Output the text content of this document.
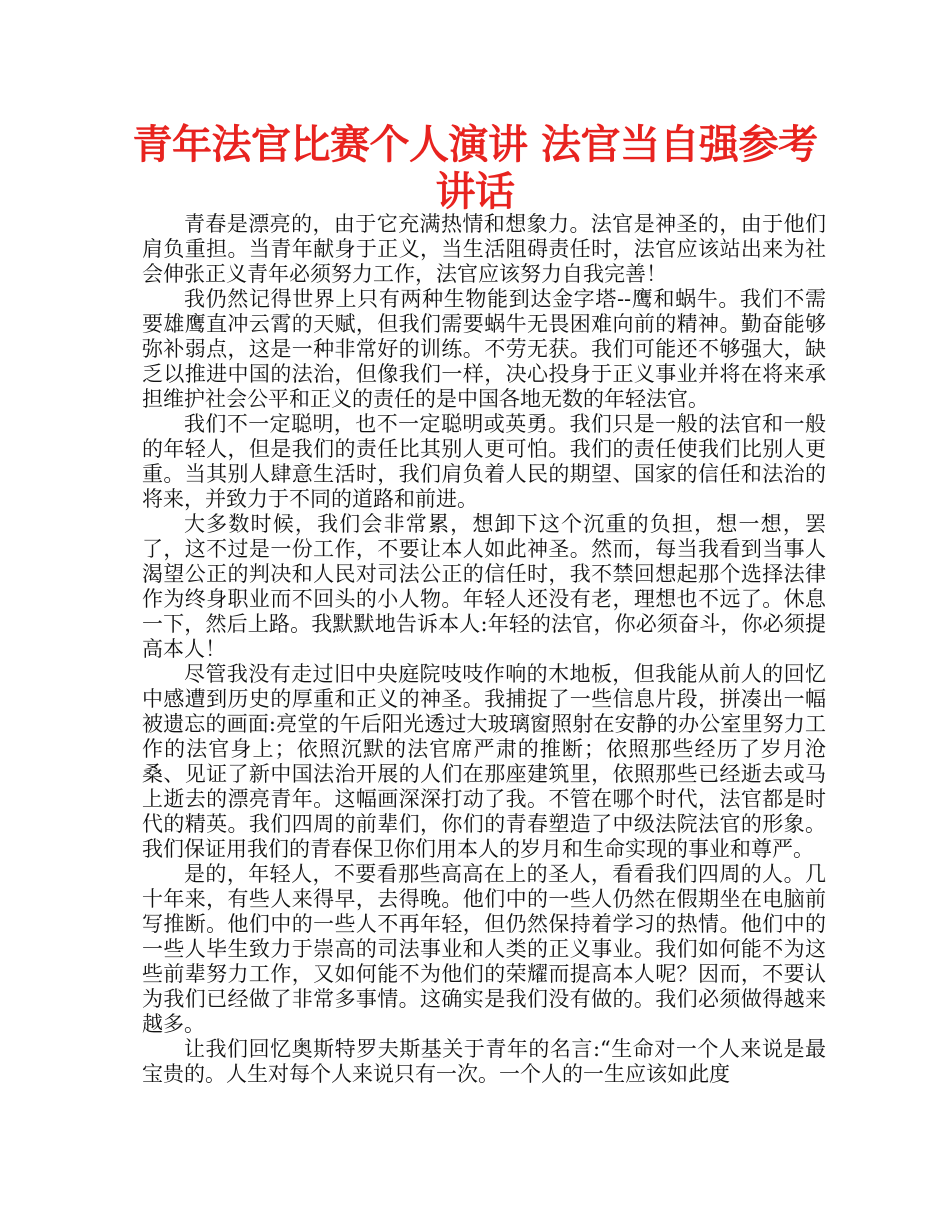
青年法官比赛个人演讲 法官当自强参考讲话

青春是漂亮的，由于它充满热情和想象力。法官是神圣的，由于他们肩负重担。当青年献身于正义，当生活阻碍责任时，法官应该站出来为社会伸张正义青年必须努力工作，法官应该努力自我完善！

我仍然记得世界上只有两种生物能到达金字塔--鹰和蜗牛。我们不需要雄鹰直冲云霄的天赋，但我们需要蜗牛无畏困难向前的精神。勤奋能够弥补弱点，这是一种非常好的训练。不劳无获。我们可能还不够强大，缺乏以推进中国的法治，但像我们一样，决心投身于正义事业并将在将来承担维护社会公平和正义的责任的是中国各地无数的年轻法官。

我们不一定聪明，也不一定聪明或英勇。我们只是一般的法官和一般的年轻人，但是我们的责任比其别人更可怕。我们的责任使我们比别人更重。当其别人肆意生活时，我们肩负着人民的期望、国家的信任和法治的将来，并致力于不同的道路和前进。

大多数时候，我们会非常累，想卸下这个沉重的负担，想一想，罢了，这不过是一份工作，不要让本人如此神圣。然而，每当我看到当事人渴望公正的判决和人民对司法公正的信任时，我不禁回想起那个选择法律作为终身职业而不回头的小人物。年轻人还没有老，理想也不远了。休息一下，然后上路。我默默地告诉本人:年轻的法官，你必须奋斗，你必须提高本人！

尽管我没有走过旧中央庭院吱吱作响的木地板，但我能从前人的回忆中感遭到历史的厚重和正义的神圣。我捕捉了一些信息片段，拼凑出一幅被遗忘的画面:亮堂的午后阳光透过大玻璃窗照射在安静的办公室里努力工作的法官身上；依照沉默的法官席严肃的推断；依照那些经历了岁月沧桑、见证了新中国法治开展的人们在那座建筑里，依照那些已经逝去或马上逝去的漂亮青年。这幅画深深打动了我。不管在哪个时代，法官都是时代的精英。我们四周的前辈们，你们的青春塑造了中级法院法官的形象。我们保证用我们的青春保卫你们用本人的岁月和生命实现的事业和尊严。

是的，年轻人，不要看那些高高在上的圣人，看看我们四周的人。几十年来，有些人来得早，去得晚。他们中的一些人仍然在假期坐在电脑前写推断。他们中的一些人不再年轻，但仍然保持着学习的热情。他们中的一些人毕生致力于崇高的司法事业和人类的正义事业。我们如何能不为这些前辈努力工作，又如何能不为他们的荣耀而提高本人呢？因而，不要认为我们已经做了非常多事情。这确实是我们没有做的。我们必须做得越来越多。

让我们回忆奥斯特罗夫斯基关于青年的名言:“生命对一个人来说是最宝贵的。人生对每个人来说只有一次。一个人的一生应该如此度
